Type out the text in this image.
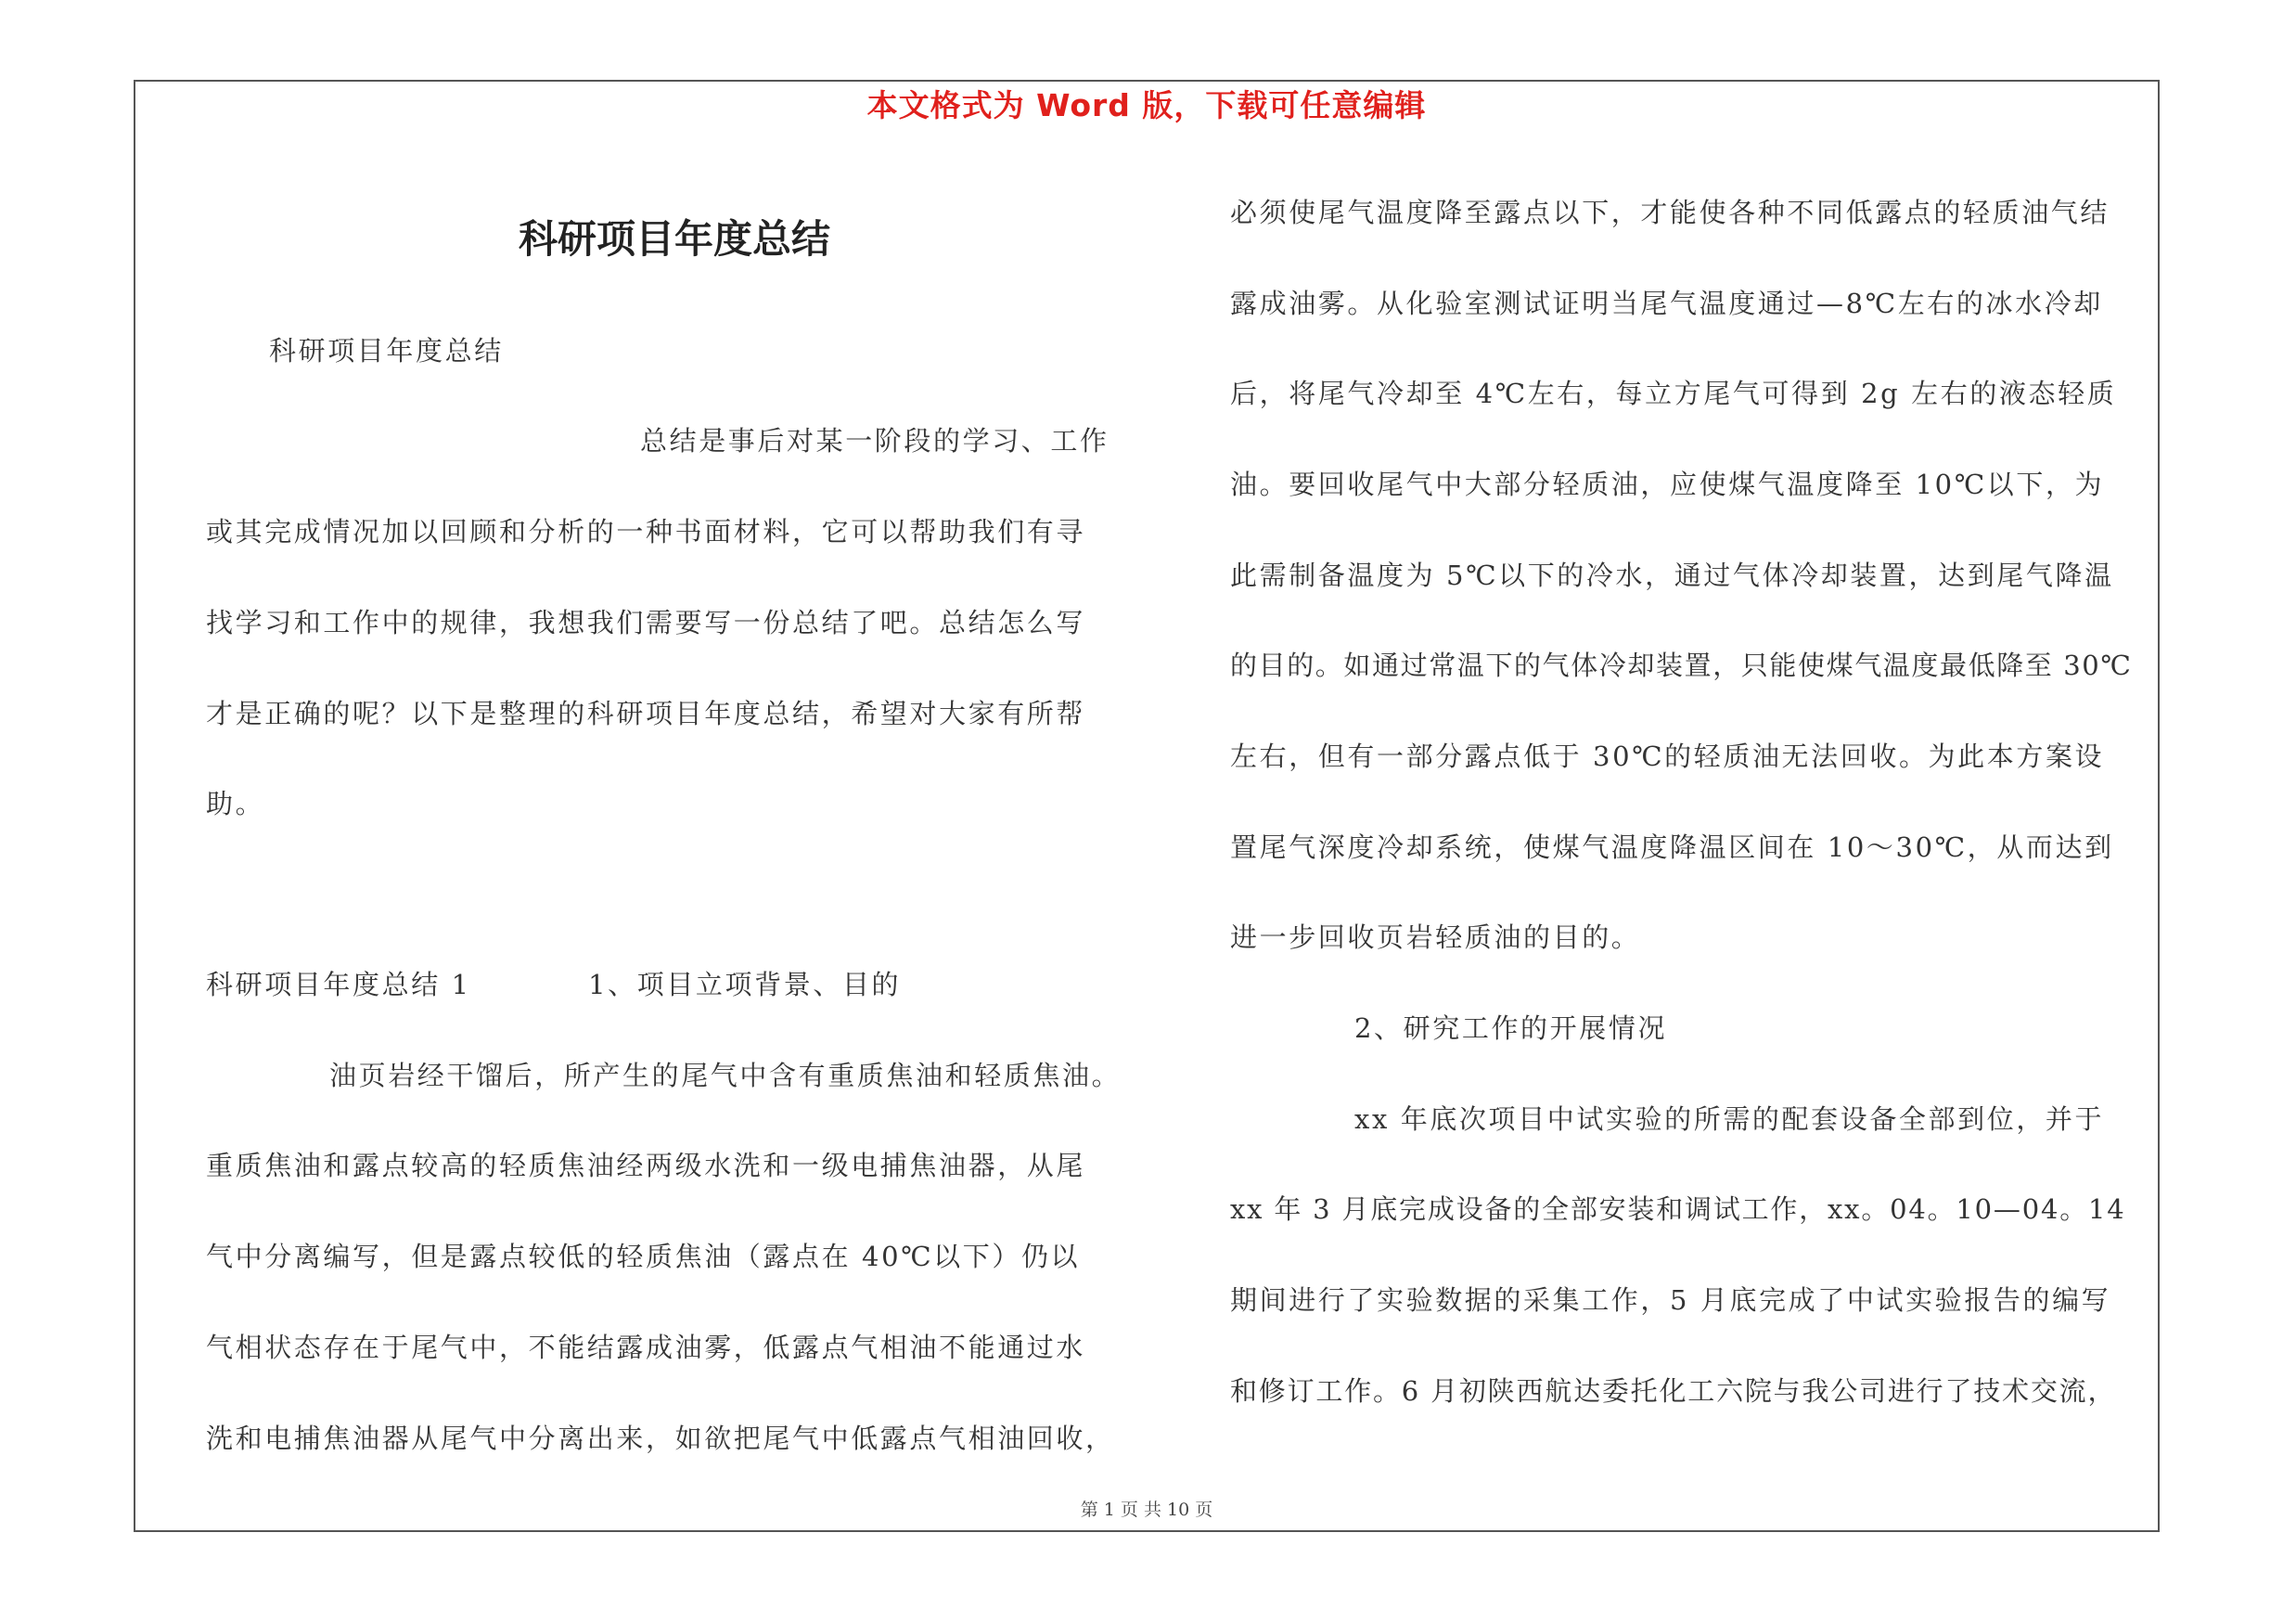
本文格式为 Word 版，下载可任意编辑
科研项目年度总结
科研项目年度总结
总结是事后对某一阶段的学习、工作
或其完成情况加以回顾和分析的一种书面材料，它可以帮助我们有寻
找学习和工作中的规律，我想我们需要写一份总结了吧。总结怎么写
才是正确的呢？以下是整理的科研项目年度总结，希望对大家有所帮
助。
科研项目年度总结 1　　　　1、项目立项背景、目的
油页岩经干馏后，所产生的尾气中含有重质焦油和轻质焦油。
重质焦油和露点较高的轻质焦油经两级水洗和一级电捕焦油器，从尾
气中分离编写，但是露点较低的轻质焦油（露点在 40℃以下）仍以
气相状态存在于尾气中，不能结露成油雾，低露点气相油不能通过水
洗和电捕焦油器从尾气中分离出来，如欲把尾气中低露点气相油回收，
必须使尾气温度降至露点以下，才能使各种不同低露点的轻质油气结
露成油雾。从化验室测试证明当尾气温度通过—8℃左右的冰水冷却
后，将尾气冷却至 4℃左右，每立方尾气可得到 2g 左右的液态轻质
油。要回收尾气中大部分轻质油，应使煤气温度降至 10℃以下，为
此需制备温度为 5℃以下的冷水，通过气体冷却装置，达到尾气降温
的目的。如通过常温下的气体冷却装置，只能使煤气温度最低降至 30℃
左右，但有一部分露点低于 30℃的轻质油无法回收。为此本方案设
置尾气深度冷却系统，使煤气温度降温区间在 10～30℃，从而达到
进一步回收页岩轻质油的目的。
2、研究工作的开展情况
xx 年底次项目中试实验的所需的配套设备全部到位，并于
xx 年 3 月底完成设备的全部安装和调试工作，xx。04。10—04。14
期间进行了实验数据的采集工作，5 月底完成了中试实验报告的编写
和修订工作。6 月初陕西航达委托化工六院与我公司进行了技术交流，
第 1 页 共 10 页
